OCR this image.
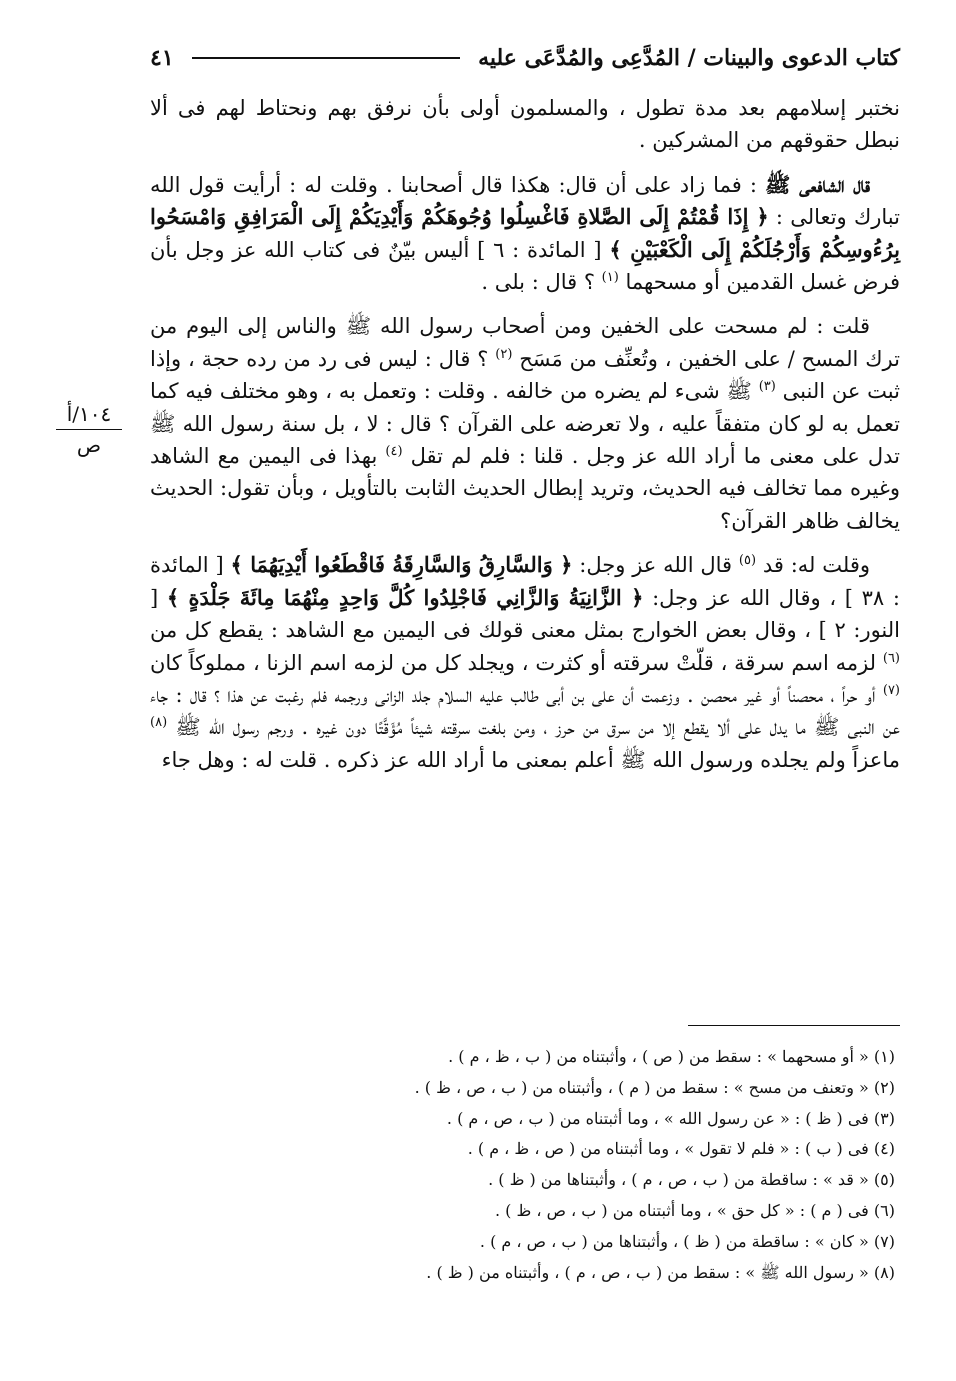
كتاب الدعوى والبينات / المُدَّعِى والمُدَّعَى عليه
٤١
١٠٤/أ
ص

نختبر إسلامهم بعد مدة تطول ، والمسلمون أولى بأن نرفق بهم ونحتاط لهم فى ألا نبطل حقوقهم من المشركين .

قال الشافعى ﷺ : فما زاد على أن قال: هكذا قال أصحابنا . وقلت له : أرأيت قول الله تبارك وتعالى : ﴿ إِذَا قُمْتُمْ إِلَى الصَّلاةِ فَاغْسِلُوا وُجُوهَكُمْ وَأَيْدِيَكُمْ إِلَى الْمَرَافِقِ وَامْسَحُوا بِرُءُوسِكُمْ وَأَرْجُلَكُمْ إِلَى الْكَعْبَيْنِ ﴾ [ المائدة : ٦ ] أليس بيّنٌ فى كتاب الله عز وجل بأن فرض غسل القدمين أو مسحهما $^{(١)}$ ؟ قال : بلى .

قلت : لم مسحت على الخفين ومن أصحاب رسول الله ﷺ والناس إلى اليوم من ترك المسح / على الخفين ، وتُعنِّف من مَسَح $^{(٢)}$ ؟ قال : ليس فى رد من رده حجة ، وإذا ثبت عن النبى $^{(٣)}$ ﷺ شىء لم يضره من خالفه . وقلت : وتعمل به ، وهو مختلف فيه كما تعمل به لو كان متفقاً عليه ، ولا تعرضه على القرآن ؟ قال : لا ، بل سنة رسول الله ﷺ تدل على معنى ما أراد الله عز وجل . قلنا : فلم لم تقل $^{(٤)}$ بهذا فى اليمين مع الشاهد وغيره مما تخالف فيه الحديث، وتريد إبطال الحديث الثابت بالتأويل ، وبأن تقول: الحديث يخالف ظاهر القرآن؟

وقلت له: قد $^{(٥)}$ قال الله عز وجل: ﴿ وَالسَّارِقُ وَالسَّارِقَةُ فَاقْطَعُوا أَيْدِيَهُمَا ﴾ [ المائدة : ٣٨ ] ، وقال الله عز وجل: ﴿ الزَّانِيَةُ وَالزَّانِي فَاجْلِدُوا كُلَّ وَاحِدٍ مِنْهُمَا مِائَةَ جَلْدَةٍ ﴾ [ النور: ٢ ] ، وقال بعض الخوارج بمثل معنى قولك فى اليمين مع الشاهد : يقطع كل من $^{(٦)}$ لزمه اسم سرقة ، قلّتْ سرقته أو كثرت ، ويجلد كل من لزمه اسم الزنا ، مملوكاً كان $^{(٧)}$ أو حراً ، محصناً أو غير محصن . وزعمت أن على بن أبى طالب عليه السلام جلد الزانى ورجمه فلم رغبت عن هذا ؟ قال : جاء عن النبى ﷺ ما يدل على ألا يقطع إلا من سرق من حرز ، ومن بلغت سرقته شيئاً مُؤَقَّتًا دون غيره . ورجم رسول الله ﷺ $^{(٨)}$ ماعزاً ولم يجلده ورسول الله ﷺ أعلم بمعنى ما أراد الله عز ذكره . قلت له : وهل جاء

(١) « أو مسحهما » : سقط من ( ص ) ، وأثبتناه من ( ب ، ظ ، م ) .
(٢) « وتعنف من مسح » : سقط من ( م ) ، وأثبتناه من ( ب ، ص ، ظ ) .
(٣) فى ( ظ ) : « عن رسول الله » ، وما أثبتناه من ( ب ، ص ، م ) .
(٤) فى ( ب ) : « فلم لا تقول » ، وما أثبتناه من ( ص ، ظ ، م ) .
(٥) « قد » : ساقطة من ( ب ، ص ، م ) ، وأثبتناها من ( ظ ) .
(٦) فى ( م ) : « كل حق » ، وما أثبتناه من ( ب ، ص ، ظ ) .
(٧) « كان » : ساقطة من ( ظ ) ، وأثبتناها من ( ب ، ص ، م ) .
(٨) « رسول الله ﷺ » : سقط من ( ب ، ص ، م ) ، وأثبتناه من ( ظ ) .
